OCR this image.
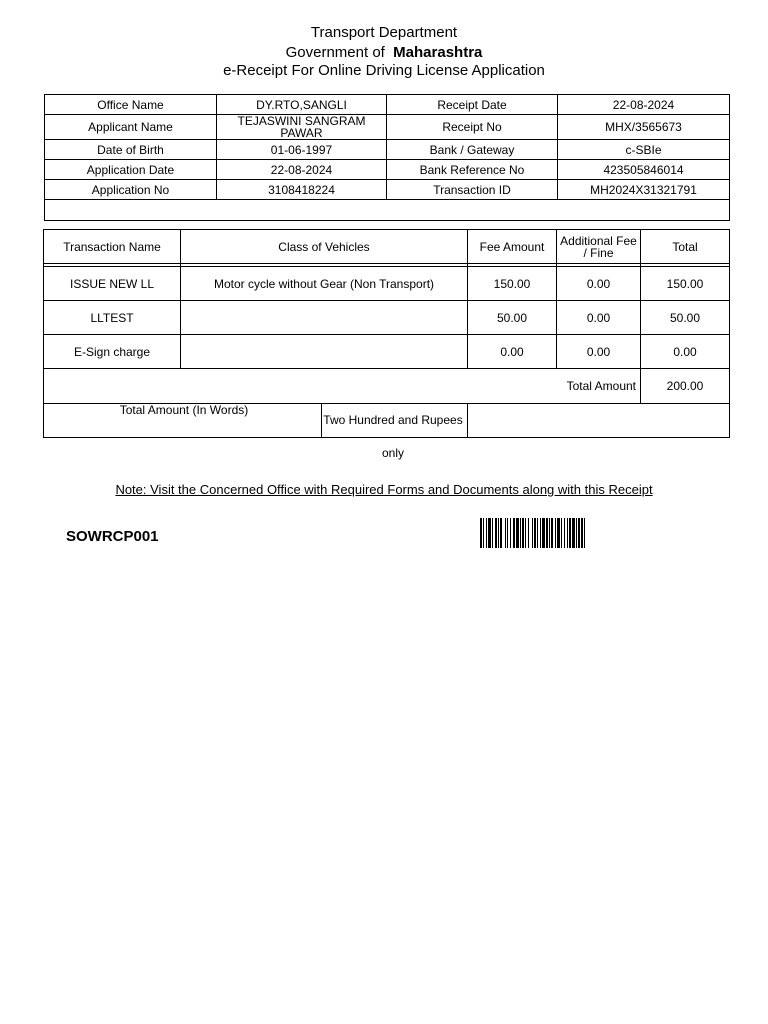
Transport Department
Government of Maharashtra
e-Receipt For Online Driving License Application
Office Name	DY.RTO,SANGLI	Receipt Date	22-08-2024
Applicant Name	TEJASWINI SANGRAM PAWAR	Receipt No	MHX/3565673
Date of Birth	01-06-1997	Bank / Gateway	c-SBIe
Application Date	22-08-2024	Bank Reference No	423505846014
Application No	3108418224	Transaction ID	MH2024X31321791

Transaction Name	Class of Vehicles	Fee Amount	Additional Fee / Fine	Total

ISSUE NEW LL	Motor cycle without Gear (Non Transport)	150.00	0.00	150.00
LLTEST		50.00	0.00	50.00
E-Sign charge		0.00	0.00	0.00
Total Amount				200.00

Total Amount (In Words)
Two Hundred and Rupees only				

Note: Visit the Concerned Office with Required Forms and Documents along with this Receipt
SOWRCP001
